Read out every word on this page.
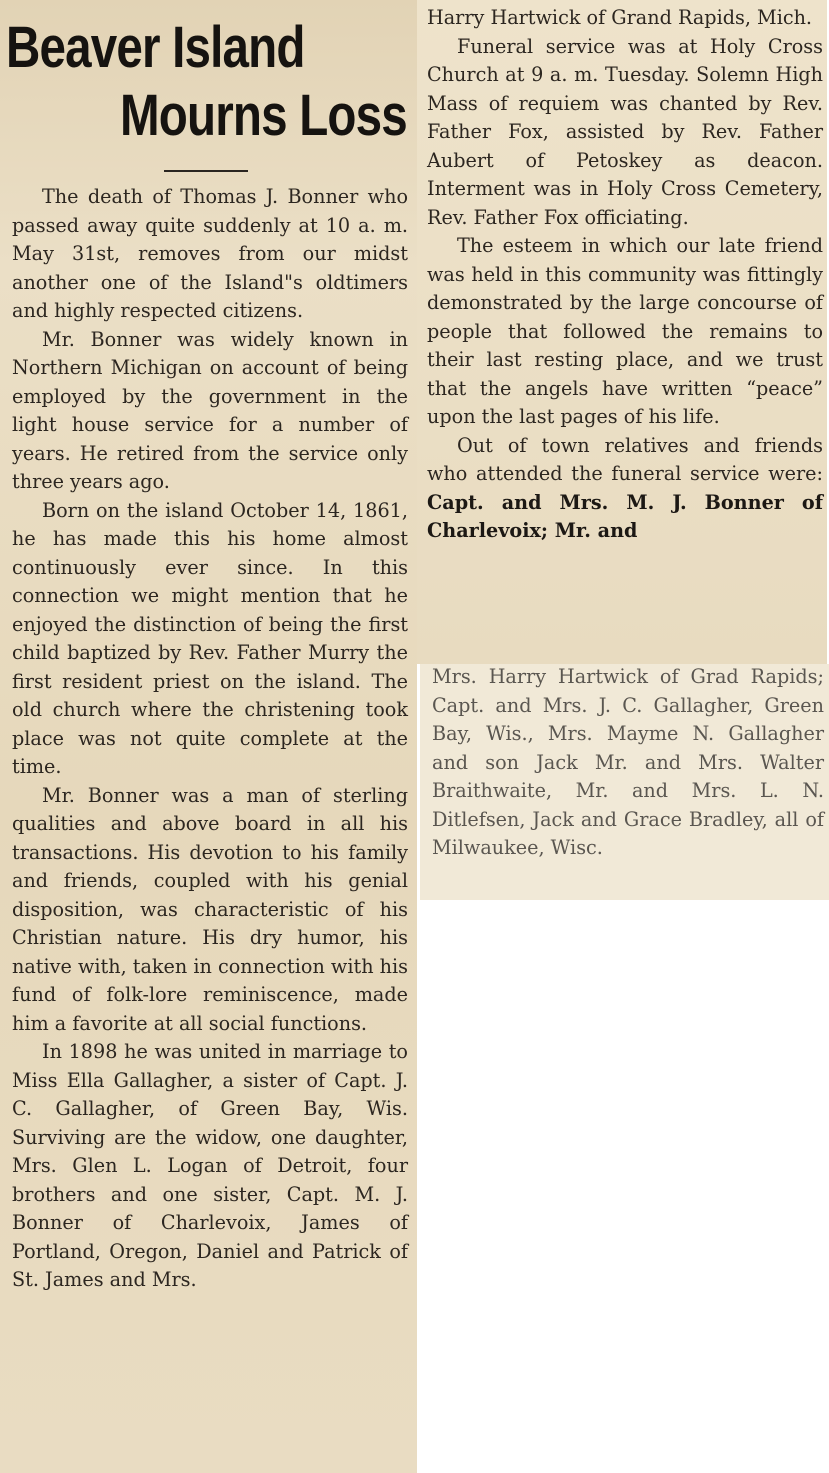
Beaver Island
Mourns Loss

The death of Thomas J. Bonner who passed away quite suddenly at 10 a. m. May 31st, removes from our midst another one of the Island"s oldtimers and highly respected citizens.

Mr. Bonner was widely known in Northern Michigan on account of being employed by the government in the light house service for a number of years. He retired from the service only three years ago.

Born on the island October 14, 1861, he has made this his home almost continuously ever since. In this connection we might mention that he enjoyed the distinction of being the first child baptized by Rev. Father Murry the first resident priest on the island. The old church where the christening took place was not quite complete at the time.

Mr. Bonner was a man of sterling qualities and above board in all his transactions. His devotion to his family and friends, coupled with his genial disposition, was characteristic of his Christian nature. His dry humor, his native with, taken in connection with his fund of folk-lore reminiscence, made him a favorite at all social functions.

In 1898 he was united in marriage to Miss Ella Gallagher, a sister of Capt. J. C. Gallagher, of Green Bay, Wis. Surviving are the widow, one daughter, Mrs. Glen L. Logan of Detroit, four brothers and one sister, Capt. M. J. Bonner of Charlevoix, James of Portland, Oregon, Daniel and Patrick of St. James and Mrs.

Harry Hartwick of Grand Rapids, Mich.

Funeral service was at Holy Cross Church at 9 a. m. Tuesday. Solemn High Mass of requiem was chanted by Rev. Father Fox, assisted by Rev. Father Aubert of Petoskey as deacon. Interment was in Holy Cross Cemetery, Rev. Father Fox officiating.

The esteem in which our late friend was held in this community was fittingly demonstrated by the large concourse of people that followed the remains to their last resting place, and we trust that the angels have written “peace” upon the last pages of his life.

Out of town relatives and friends who attended the funeral service were: Capt. and Mrs. M. J. Bonner of Charlevoix; Mr. and

Mrs. Harry Hartwick of Grad Rapids; Capt. and Mrs. J. C. Gallagher, Green Bay, Wis., Mrs. Mayme N. Gallagher and son Jack Mr. and Mrs. Walter Braithwaite, Mr. and Mrs. L. N. Ditlefsen, Jack and Grace Bradley, all of Milwaukee, Wisc.
